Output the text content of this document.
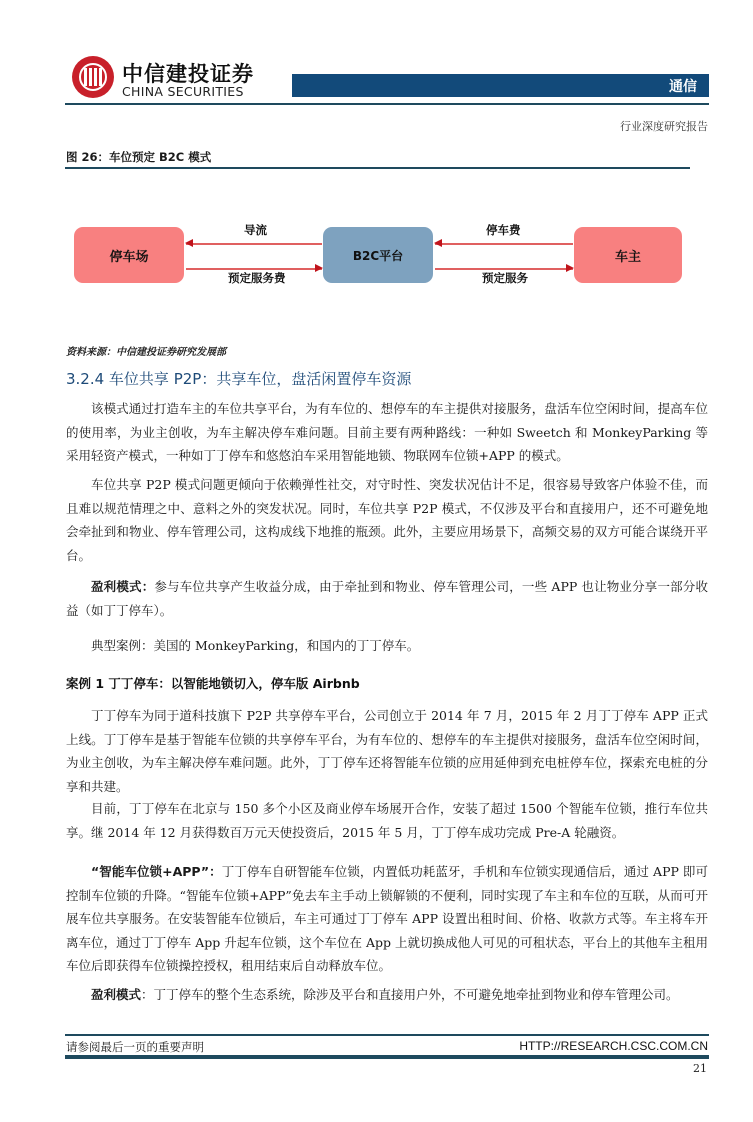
中信建投证券
CHINA SECURITIES	通信
行业深度研究报告
图 26：车位预定 B2C 模式
停车场	B2C平台	车主
导流
预定服务费
停车费
预定服务
资料来源：中信建投证券研究发展部
3.2.4 车位共享 P2P：共享车位，盘活闲置停车资源
该模式通过打造车主的车位共享平台，为有车位的、想停车的车主提供对接服务，盘活车位空闲时间，提高车位的使用率，为业主创收，为车主解决停车难问题。目前主要有两种路线：一种如 Sweetch 和 MonkeyParking 等采用轻资产模式，一种如丁丁停车和悠悠泊车采用智能地锁、物联网车位锁+APP 的模式。
车位共享 P2P 模式问题更倾向于依赖弹性社交，对守时性、突发状况估计不足，很容易导致客户体验不佳，而且难以规范情理之中、意料之外的突发状况。同时，车位共享 P2P 模式，不仅涉及平台和直接用户，还不可避免地会牵扯到和物业、停车管理公司，这构成线下地推的瓶颈。此外，主要应用场景下，高频交易的双方可能合谋绕开平台。
盈利模式：参与车位共享产生收益分成，由于牵扯到和物业、停车管理公司，一些 APP 也让物业分享一部分收益（如丁丁停车）。
典型案例：美国的 MonkeyParking，和国内的丁丁停车。
案例 1 丁丁停车：以智能地锁切入，停车版 Airbnb
丁丁停车为同于道科技旗下 P2P 共享停车平台，公司创立于 2014 年 7 月，2015 年 2 月丁丁停车 APP 正式上线。丁丁停车是基于智能车位锁的共享停车平台，为有车位的、想停车的车主提供对接服务，盘活车位空闲时间，为业主创收，为车主解决停车难问题。此外，丁丁停车还将智能车位锁的应用延伸到充电桩停车位，探索充电桩的分享和共建。
目前，丁丁停车在北京与 150 多个小区及商业停车场展开合作，安装了超过 1500 个智能车位锁，推行车位共享。继 2014 年 12 月获得数百万元天使投资后，2015 年 5 月，丁丁停车成功完成 Pre-A 轮融资。
“智能车位锁+APP”：丁丁停车自研智能车位锁，内置低功耗蓝牙，手机和车位锁实现通信后，通过 APP 即可控制车位锁的升降。“智能车位锁+APP”免去车主手动上锁解锁的不便利，同时实现了车主和车位的互联，从而可开展车位共享服务。在安装智能车位锁后，车主可通过丁丁停车 APP 设置出租时间、价格、收款方式等。车主将车开离车位，通过丁丁停车 App 升起车位锁，这个车位在 App 上就切换成他人可见的可租状态，平台上的其他车主租用车位后即获得车位锁操控授权，租用结束后自动释放车位。
盈利模式：丁丁停车的整个生态系统，除涉及平台和直接用户外，不可避免地牵扯到物业和停车管理公司。
请参阅最后一页的重要声明	HTTP://RESEARCH.CSC.COM.CN
21
